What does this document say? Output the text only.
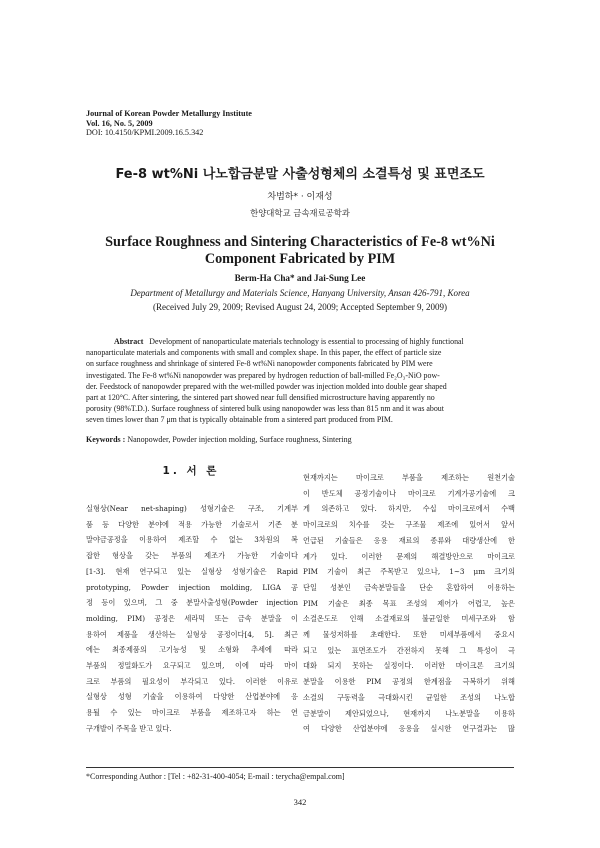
Journal of Korean Powder Metallurgy Institute
Vol. 16, No. 5, 2009
DOI: 10.4150/KPMI.2009.16.5.342
Fe-8 wt%Ni 나노합금분말 사출성형체의 소결특성 및 표면조도
차범하* · 이재성
한양대학교 금속재료공학과
Surface Roughness and Sintering Characteristics of Fe-8 wt%Ni
Component Fabricated by PIM
Berm-Ha Cha* and Jai-Sung Lee
Department of Metallurgy and Materials Science, Hanyang University, Ansan 426-791, Korea
(Received July 29, 2009; Revised August 24, 2009; Accepted September 9, 2009)
Abstract Development of nanoparticulate materials technology is essential to processing of highly functional
nanoparticulate materials and components with small and complex shape. In this paper, the effect of particle size
on surface roughness and shrinkage of sintered Fe-8 wt%Ni nanopowder components fabricated by PIM were
investigated. The Fe-8 wt%Ni nanopowder was prepared by hydrogen reduction of ball-milled Fe₂O₃-NiO pow-
der. Feedstock of nanopowder prepared with the wet-milled powder was injection molded into double gear shaped
part at 120°C. After sintering, the sintered part showed near full densified microstructure having apparently no
porosity (98%T.D.). Surface roughness of sintered bulk using nanopowder was less than 815 nm and it was about
seven times lower than 7 μm that is typically obtainable from a sintered part produced from PIM.
Keywords : Nanopowder, Powder injection molding, Surface roughness, Sintering
1. 서 론
실형상(Near net-shaping) 성형기술은 구조, 기계부
품 등 다양한 분야에 적용 가능한 기술로서 기존 분
말야금공정을 이용하여 제조할 수 없는 3차원의 복
잡한 형상을 갖는 부품의 제조가 가능한 기술이다
[1-3]. 현재 연구되고 있는 실형상 성형기술은 Rapid
prototyping, Powder injection molding, LIGA 공
정 등이 있으며, 그 중 분말사출성형(Powder injection
molding, PIM) 공정은 세라믹 또는 금속 분말을 이
용하여 제품을 생산하는 실형상 공정이다[4, 5]. 최근
에는 최종제품의 고기능성 및 소형화 추세에 따라
부품의 정밀화도가 요구되고 있으며, 이에 따라 마이
크로 부품의 필요성이 부각되고 있다. 이러한 이유로
실형상 성형 기술을 이용하여 다양한 산업분야에 응
용될 수 있는 마이크로 부품을 제조하고자 하는 연
구개발이 주목을 받고 있다.
현재까지는 마이크로 부품을 제조하는 원천기술
이 반도체 공정기술이나 마이크로 기계가공기술에 크
게 의존하고 있다. 하지만, 수십 마이크로에서 수백
마이크로의 치수를 갖는 구조물 제조에 있어서 앞서
언급된 기술들은 응용 재료의 종류와 대량생산에 한
계가 있다. 이러한 문제의 해결방안으로 마이크로
PIM 기술이 최근 주목받고 있으나, 1~3 μm 크기의
단일 성분인 금속분말들을 단순 혼합하여 이용하는
PIM 기술은 최종 목표 조성의 제어가 어렵고, 높은
소결온도로 인해 소결재료의 불균일한 미세구조와 함
께 물성저하를 초래한다. 또한 미세부품에서 중요시
되고 있는 표면조도가 간전하지 못해 그 특성이 극
대화 되지 못하는 실정이다. 이러한 마이크론 크기의
분말을 이용한 PIM 공정의 한계점을 극복하기 위해
소결의 구동력을 극대화시킨 균일한 조성의 나노합
금분말이 제안되었으나, 현재까지 나노분말을 이용하
여 다양한 산업분야에 응용을 실시한 연구결과는 많
*Corresponding Author : [Tel : +82-31-400-4054; E-mail : terycha@empal.com]
342
